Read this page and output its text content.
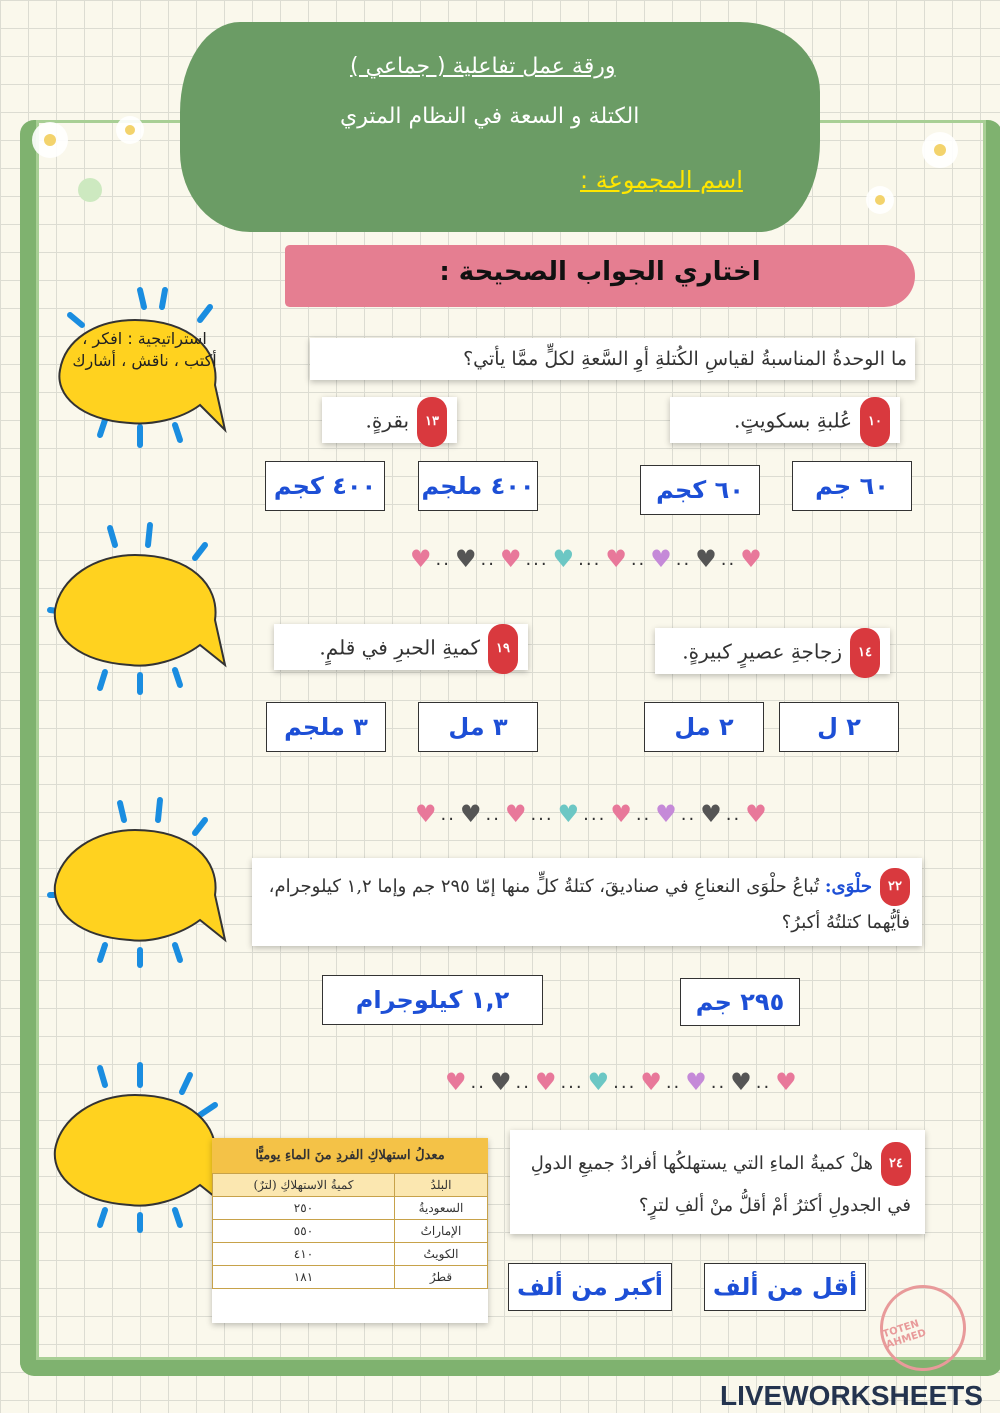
ورقة عمل تفاعلية ( جماعي )
الكتلة و السعة في النظام المتري
اسم المجموعة :
اختاري الجواب الصحيحة :
استراتيجية : افكر ، أكتب ، ناقش ، أشارك	ما الوحدةُ المناسبةُ لقياسِ الكُتلةِ أوِ السَّعةِ لكلٍّ ممَّا يأتي؟
١٠عُلبةِ بسكويتٍ.
١٣بقرةٍ.
٦٠ جم
٦٠ كجم
٤٠٠ ملجم
٤٠٠ كجم
♥ .. ♥ .. ♥ ... ♥ ... ♥ .. ♥ .. ♥ .. ♥
١٤زجاجةِ عصيرٍ كبيرةٍ.
١٩كميةِ الحبرِ في قلمٍ.
٢ ل
٢ مل
٣ مل
٣ ملجم
♥ .. ♥ .. ♥ ... ♥ ... ♥ .. ♥ .. ♥ .. ♥
٢٢حلْوَى: تُباعُ حلْوَى النعناعِ في صناديقَ، كتلةُ كلٍّ منها إمّا ٢٩٥ جم وإما ١,٢ كيلوجرام، فأيُّهما كتلتُهُ أكبرُ؟
٢٩٥ جم
١,٢ كيلوجرام
♥ .. ♥ .. ♥ ... ♥ ... ♥ .. ♥ .. ♥ .. ♥
معدلُ استهلاكِ الفردِ منَ الماءِ يوميًّا
البلدُ	كميةُ الاستهلاكِ (لترٌ)
السعوديةُ	٢٥٠
الإماراتُ	٥٥٠
الكويتُ	٤١٠
قطرُ	١٨١
٢٤هلْ كميةُ الماءِ التي يستهلكُها أفرادُ جميعِ الدولِ في الجدولِ أكثرُ أمْ أقلُّ منْ ألفِ لترٍ؟
أقل من ألف
أكبر من ألف
TOTEN AHMED
LIVEWORKSHEETS
